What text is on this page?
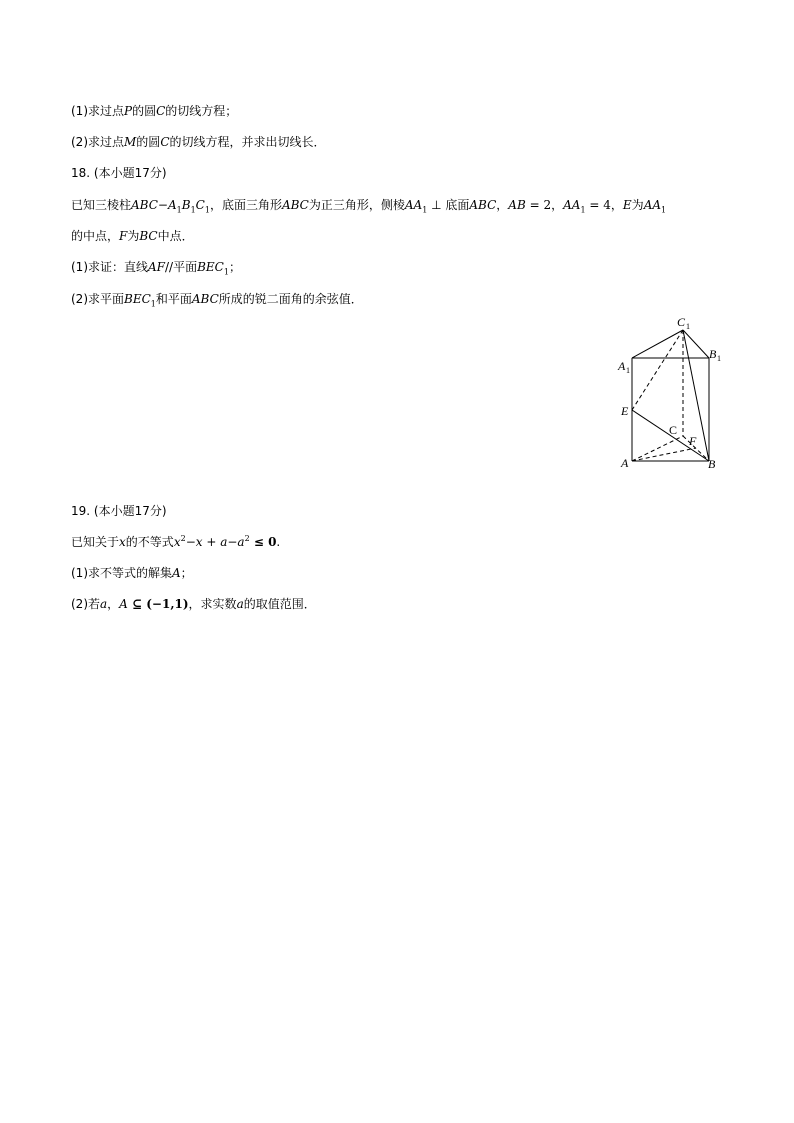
(1)求过点P的圆C的切线方程；
(2)求过点M的圆C的切线方程，并求出切线长．
18. (本小题17分)
已知三棱柱$ABC-A_1B_1C_1$，底面三角形ABC为正三角形，侧棱$AA_1$ ⊥ 底面ABC，AB = 2，$AA_1 = 4$，E为$AA_1$
的中点，F为BC中点．
(1)求证：直线AF//平面$BEC_1$；
(2)求平面$BEC_1$和平面ABC所成的锐二面角的余弦值．
C 1
A 1
B 1
E
C
F
A	B
19. (本小题17分)
已知关于x的不等式$x^2-x + a-a^2 \le 0$.
(1)求不等式的解集A；
(2)若a，A ⊆ (−1,1)，求实数a的取值范围．
